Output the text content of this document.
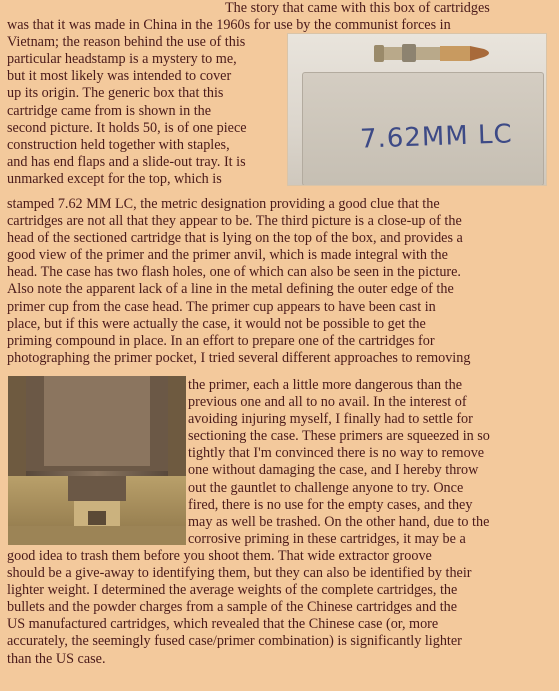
7.62MM LC
The story that came with this box of cartridges
was that it was made in China in the 1960s for use by the communist forces in
Vietnam; the reason behind the use of this
particular headstamp is a mystery to me,
but it most likely was intended to cover
up its origin. The generic box that this
cartridge came from is shown in the
second picture. It holds 50, is of one piece
construction held together with staples,
and has end flaps and a slide-out tray. It is
unmarked except for the top, which is
stamped 7.62 MM LC, the metric designation providing a good clue that the
cartridges are not all that they appear to be. The third picture is a close-up of the
head of the sectioned cartridge that is lying on the top of the box, and provides a
good view of the primer and the primer anvil, which is made integral with the
head. The case has two flash holes, one of which can also be seen in the picture.
Also note the apparent lack of a line in the metal defining the outer edge of the
primer cup from the case head. The primer cup appears to have been cast in
place, but if this were actually the case, it would not be possible to get the
priming compound in place. In an effort to prepare one of the cartridges for
photographing the primer pocket, I tried several different approaches to removing
the primer, each a little more dangerous than the
previous one and all to no avail. In the interest of
avoiding injuring myself, I finally had to settle for
sectioning the case. These primers are squeezed in so
tightly that I'm convinced there is no way to remove
one without damaging the case, and I hereby throw
out the gauntlet to challenge anyone to try. Once
fired, there is no use for the empty cases, and they
may as well be trashed. On the other hand, due to the
corrosive priming in these cartridges, it may be a
good idea to trash them before you shoot them. That wide extractor groove
should be a give-away to identifying them, but they can also be identified by their
lighter weight. I determined the average weights of the complete cartridges, the
bullets and the powder charges from a sample of the Chinese cartridges and the
US manufactured cartridges, which revealed that the Chinese case (or, more
accurately, the seemingly fused case/primer combination) is significantly lighter
than the US case.
